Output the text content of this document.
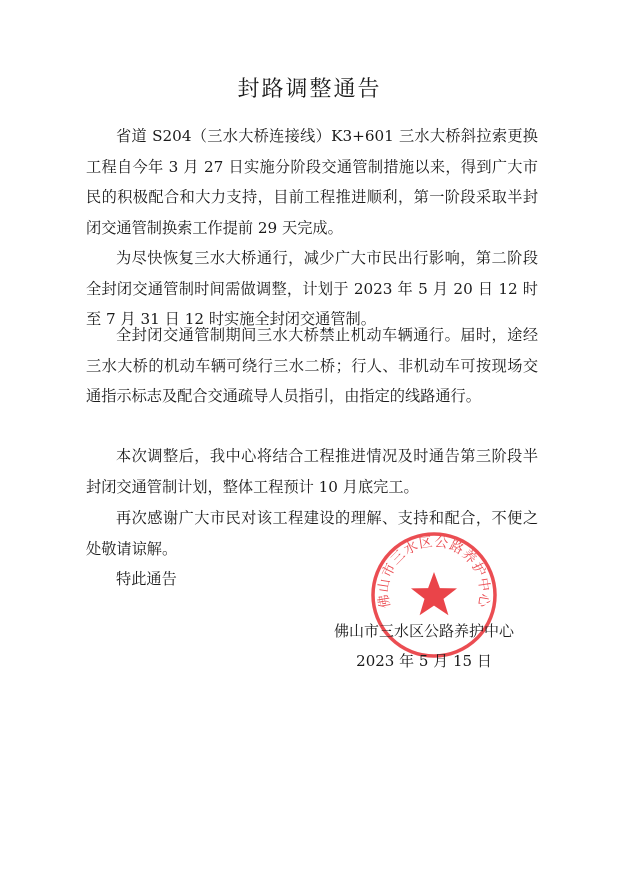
封路调整通告
省道 S204（三水大桥连接线）K3+601 三水大桥斜拉索更换工程自今年 3 月 27 日实施分阶段交通管制措施以来，得到广大市民的积极配合和大力支持，目前工程推进顺利，第一阶段采取半封闭交通管制换索工作提前 29 天完成。
为尽快恢复三水大桥通行，减少广大市民出行影响，第二阶段全封闭交通管制时间需做调整，计划于 2023 年 5 月 20 日 12 时至 7 月 31 日 12 时实施全封闭交通管制。
全封闭交通管制期间三水大桥禁止机动车辆通行。届时，途经三水大桥的机动车辆可绕行三水二桥；行人、非机动车可按现场交通指示标志及配合交通疏导人员指引，由指定的线路通行。
本次调整后，我中心将结合工程推进情况及时通告第三阶段半封闭交通管制计划，整体工程预计 10 月底完工。
再次感谢广大市民对该工程建设的理解、支持和配合，不便之处敬请谅解。
特此通告
佛山市三水区公路养护中心
佛山市三水区公路养护中心
2023 年 5 月 15 日
